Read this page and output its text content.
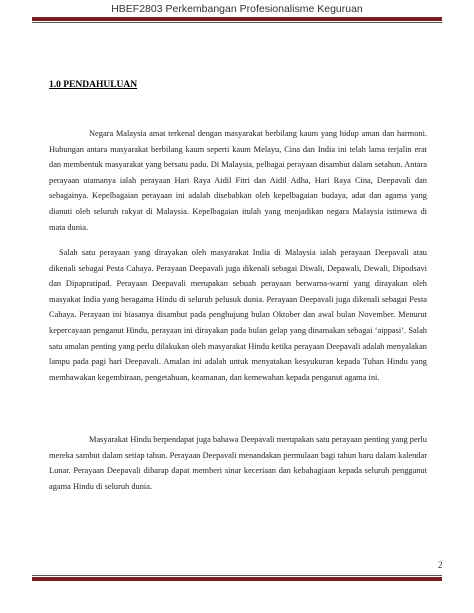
HBEF2803 Perkembangan Profesionalisme Keguruan
1.0 PENDAHULUAN

Negara Malaysia amat terkenal dengan masyarakat berbilang kaum yang hidup aman dan harmoni. Hubungan antara masyarakat berbilang kaum seperti kaum Melayu, Cina dan India ini telah lama terjalin erat dan membentuk masyarakat yang bersatu padu. Di Malaysia, pelbagai perayaan disambut dalam setahun. Antara perayaan utamanya ialah perayaan Hari Raya Aidil Fitri dan Aidil Adha, Hari Raya Cina, Deepavali dan sebagainya. Kepelbagaian perayaan ini adalah disebabkan oleh kepelbagaian budaya, adat dan agama yang dianuti oleh seluruh rakyat di Malaysia. Kepelbagaian itulah yang menjadikan negara Malaysia istimewa di mata dunia.

Salah satu perayaan yang dirayakan oleh masyarakat India di Malaysia ialah perayaan Deepavali atau dikenali sebagai Pesta Cahaya. Perayaan Deepavali juga dikenali sebagai Diwali, Depawali, Dewali, Dipodsavi dan Dipapratipad. Perayaan Deepavali merupakan sebuah perayaan berwarna-warni yang dirayakan oleh masyakat India yang beragama Hindu di seluruh pelusuk dunia. Perayaan Deepavali juga dikenali sebagai Pesta Cahaya. Perayaan ini biasanya disambut pada penghujung bulan Oktober dan awal bulan November. Menurut kepercayaan penganut Hindu, perayaan ini dirayakan pada bulan gelap yang dinamakan sebagai ‘aippasi’. Salah satu amalan penting yang perlu dilakukan oleh masyarakat Hindu ketika perayaan Deepavali adalah menyalakan lampu pada pagi hari Deepavali. Amalan ini adalah untuk menyatakan kesyukuran kepada Tuhan Hindu yang membawakan kegembiraan, pengetahuan, keamanan, dan kemewahan kepada penganut agama ini.

Masyarakat Hindu berpendapat juga bahawa Deepavali merupakan satu perayaan penting yang perlu mereka sambut dalam setiap tahun. Perayaan Deepavali menandakan permulaan bagi tahun baru dalam kalendar Lunar. Perayaan Deepavali diharap dapat memberi sinar keceriaan dan kebahagiaan kepada seluruh pengganut agama Hindu di seluruh dunia.

2
